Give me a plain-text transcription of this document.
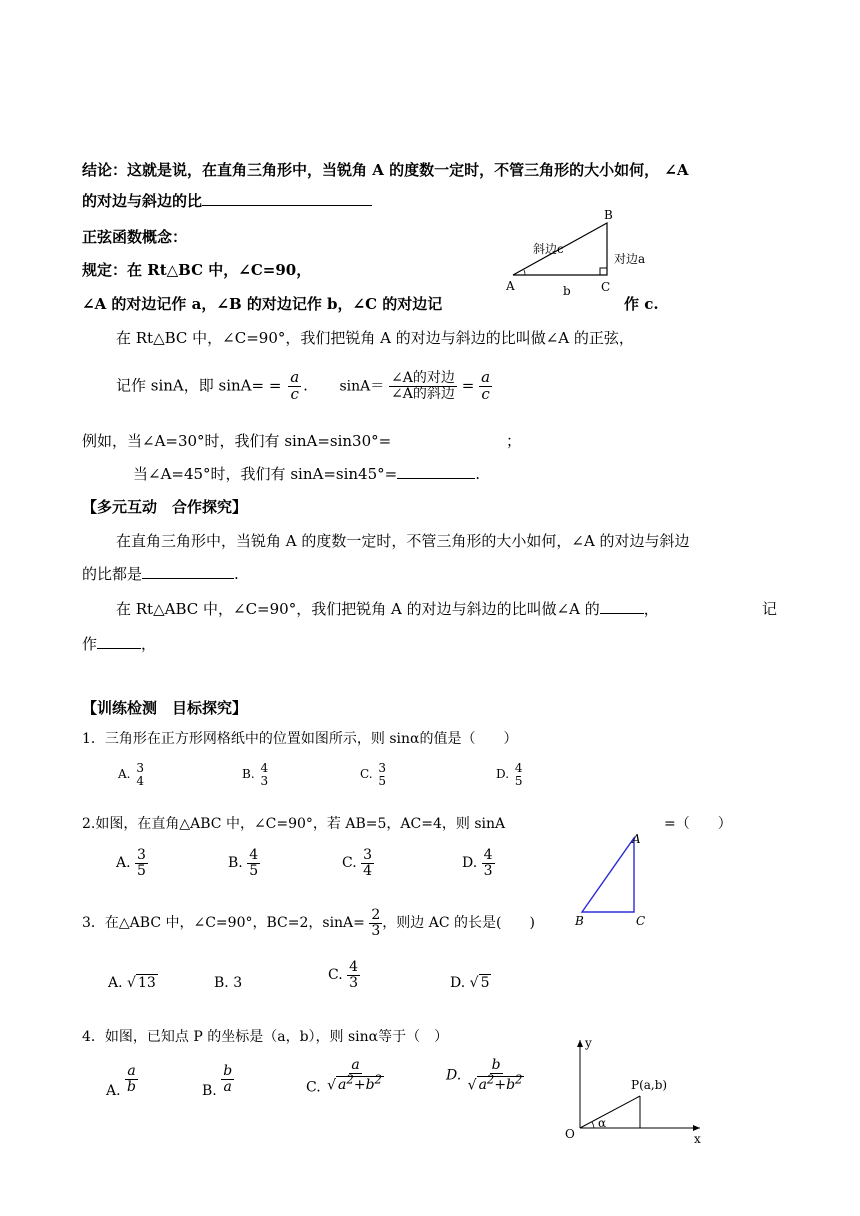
结论：这就是说，在直角三角形中，当锐角 A 的度数一定时，不管三角形的大小如何， ∠A
的对边与斜边的比
正弦函数概念：
规定：在 Rt△BC 中，∠C=90，
∠A 的对边记作 a，∠B 的对边记作 b，∠C 的对边记	作 c.
B
A	C
斜边c
对边a
b
在 Rt△BC 中，∠C=90°，我们把锐角 A 的对边与斜边的比叫做∠A 的正弦，
记作 sinA，即 $\sin A= = \frac{a}{c}$ . $\sin A= \frac{\text{∠A的对边}}{\text{∠A的斜边}} = \frac{a}{c}$
例如，当∠A=30°时，我们有 sinA=sin30°=	；
当∠A=45°时，我们有 sinA=sin45°=	.
【多元互动　合作探究】
在直角三角形中，当锐角 A 的度数一定时，不管三角形的大小如何，∠A 的对边与斜边
的比都是	.
在 Rt△ABC 中，∠C=90°，我们把锐角 A 的对边与斜边的比叫做∠A 的	，	记
作	，
【训练检测　目标探究】
1．三角形在正方形网格纸中的位置如图所示，则 sinα的值是（　　）
A. 3
4	B. 4
3	C. 3
5	D. 4
5
2.如图，在直角△ABC 中，∠C=90°，若 AB=5，AC=4，则 sinA	=（　　）
A. $\frac{3}{5}$	B. $\frac{4}{5}$	C. $\frac{3}{4}$	D. $\frac{4}{3}$
A
B	C
3．在△ABC 中，∠C=90°，BC=2，$\sin A= \frac{2}{3}$ ，则边 AC 的长是(　　)
A. √ 13	B. 3	C. $\frac{4}{3}$	D. √ 5
4．如图，已知点 P 的坐标是（a，b），则 sinα等于（　）
A. $\frac{a}{b}$	B. $\frac{b}{a}$	C. $\frac{a}{√ a^2+b^2}$	D. $\frac{b}{√ a^2+b^2}$
y
x
P(a,b)
O
α
